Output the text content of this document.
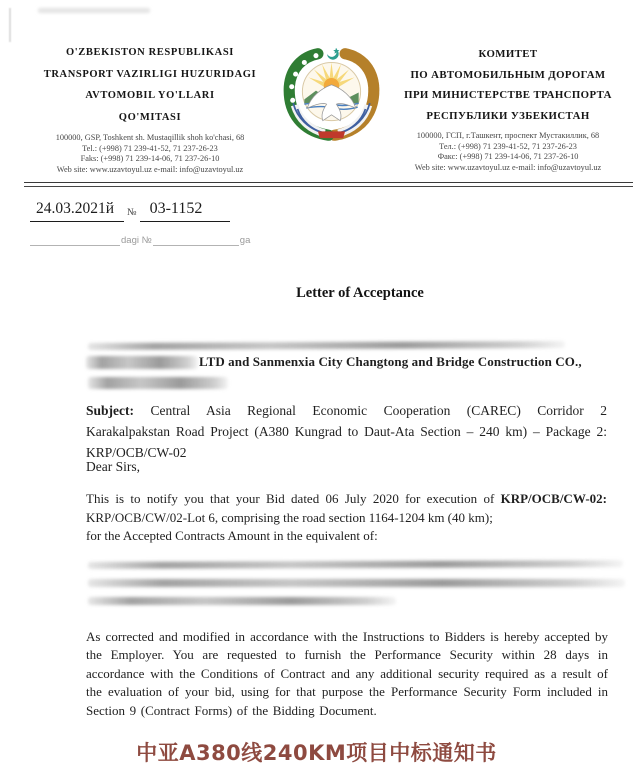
O'ZBEKISTON RESPUBLIKASI
TRANSPORT VAZIRLIGI HUZURIDAGI
AVTOMOBIL YO'LLARI
QO'MITASI
100000, GSP, Toshkent sh. Mustaqillik shoh ko'chasi, 68
Tel.: (+998) 71 239-41-52, 71 237-26-23
Faks: (+998) 71 239-14-06, 71 237-26-10
Web site: www.uzavtoyul.uz e-mail: info@uzavtoyul.uz
КОМИТЕТ
ПО АВТОМОБИЛЬНЫМ ДОРОГАМ
ПРИ МИНИСТЕРСТВЕ ТРАНСПОРТА
РЕСПУБЛИКИ УЗБЕКИСТАН
100000, ГСП, г.Ташкент, проспект Мустакиллик, 68
Тел.: (+998) 71 239-41-52, 71 237-26-23
Факс: (+998) 71 239-14-06, 71 237-26-10
Web site: www.uzavtoyul.uz e-mail: info@uzavtoyul.uz
24.03.2021й	№ 03-1152
dagi №	ga
Letter of Acceptance
LTD and Sanmenxia City Changtong and Bridge Construction CO.,
Subject: Central Asia Regional Economic Cooperation (CAREC) Corridor 2
Karakalpakstan Road Project (A380 Kungrad to Daut-Ata Section – 240 km) – Package 2:
KRP/OCB/CW-02
Dear Sirs,
This is to notify you that your Bid dated 06 July 2020 for execution of KRP/OCB/CW-02:
KRP/OCB/CW/02-Lot 6, comprising the road section 1164-1204 km (40 km);
for the Accepted Contracts Amount in the equivalent of:

As corrected and modified in accordance with the Instructions to Bidders is hereby accepted by the Employer. You are requested to furnish the Performance Security within 28 days in accordance with the Conditions of Contract and any additional security required as a result of the evaluation of your bid, using for that purpose the Performance Security Form included in Section 9 (Contract Forms) of the Bidding Document.

中亚A380线240KM项目中标通知书
